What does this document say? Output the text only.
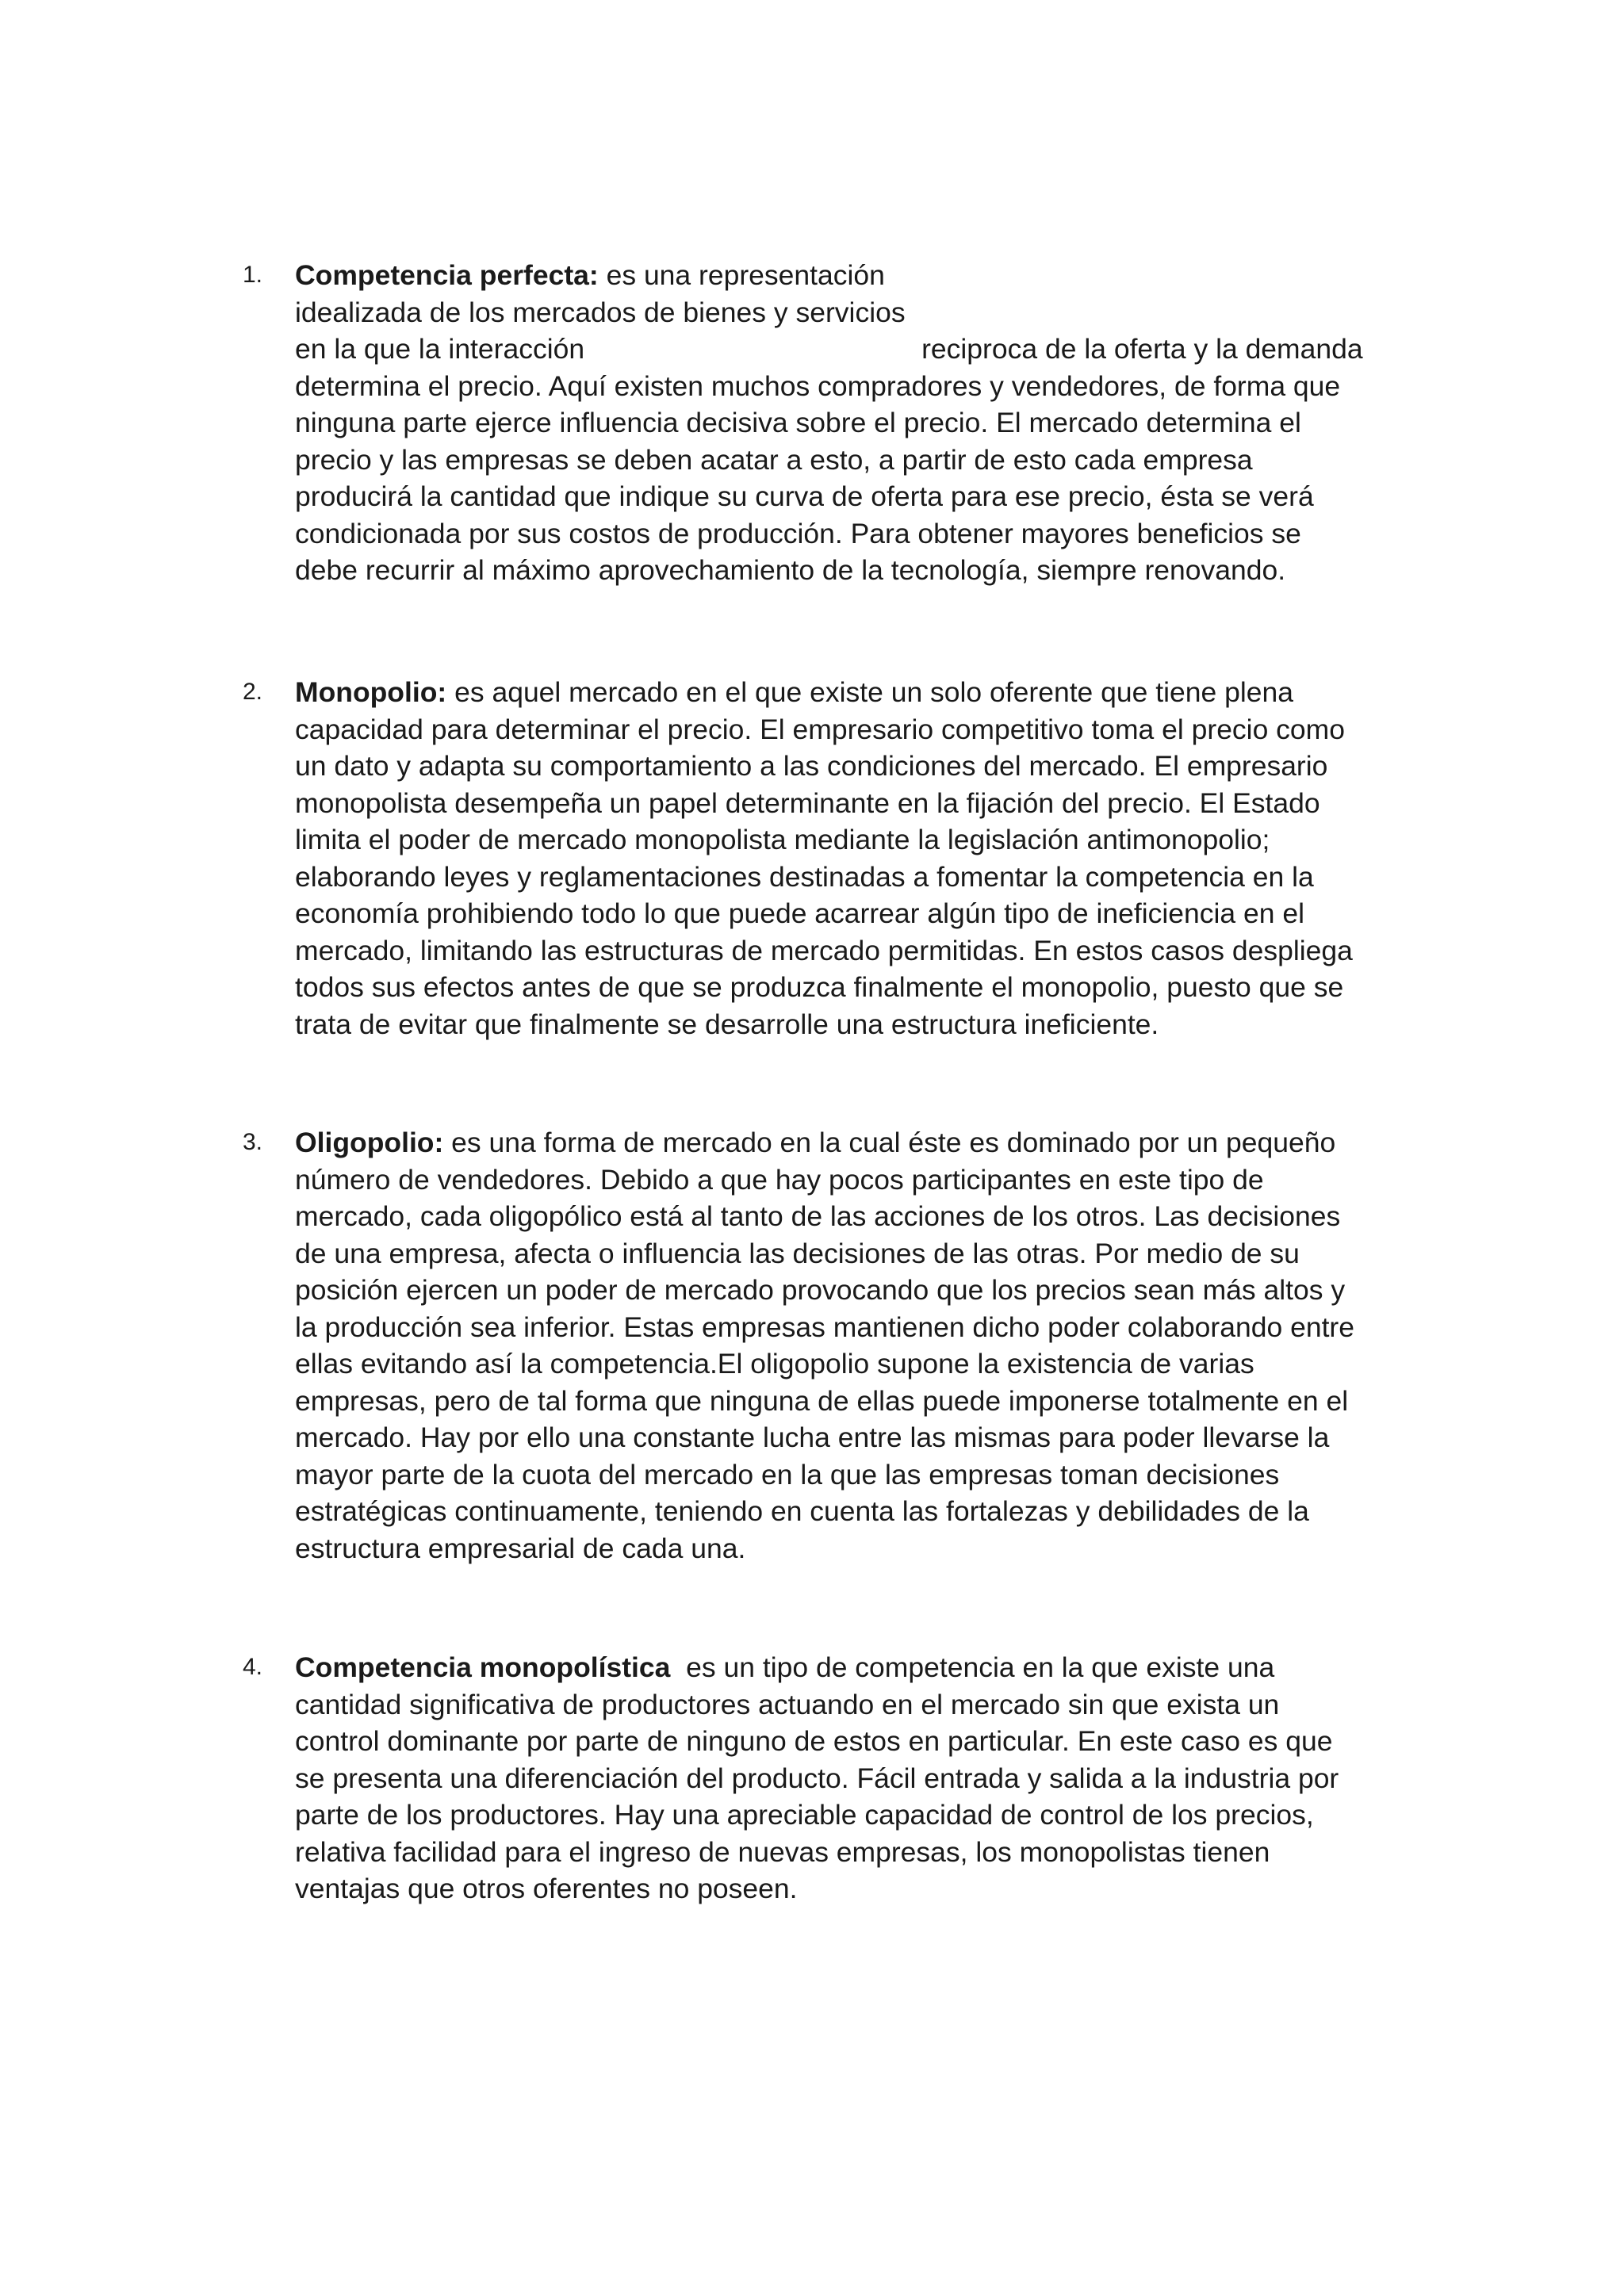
1. Competencia perfecta: es una representación
idealizada de los mercados de bienes y servicios
en la que la interacción	reciproca de la oferta y la demanda
determina el precio. Aquí existen muchos compradores y vendedores, de forma que
ninguna parte ejerce influencia decisiva sobre el precio. El mercado determina el
precio y las empresas se deben acatar a esto, a partir de esto cada empresa
producirá la cantidad que indique su curva de oferta para ese precio, ésta se verá
condicionada por sus costos de producción. Para obtener mayores beneficios se
debe recurrir al máximo aprovechamiento de la tecnología, siempre renovando.
2. Monopolio: es aquel mercado en el que existe un solo oferente que tiene plena
capacidad para determinar el precio. El empresario competitivo toma el precio como
un dato y adapta su comportamiento a las condiciones del mercado. El empresario
monopolista desempeña un papel determinante en la fijación del precio. El Estado
limita el poder de mercado monopolista mediante la legislación antimonopolio;
elaborando leyes y reglamentaciones destinadas a fomentar la competencia en la
economía prohibiendo todo lo que puede acarrear algún tipo de ineficiencia en el
mercado, limitando las estructuras de mercado permitidas. En estos casos despliega
todos sus efectos antes de que se produzca finalmente el monopolio, puesto que se
trata de evitar que finalmente se desarrolle una estructura ineficiente.
3. Oligopolio: es una forma de mercado en la cual éste es dominado por un pequeño
número de vendedores. Debido a que hay pocos participantes en este tipo de
mercado, cada oligopólico está al tanto de las acciones de los otros. Las decisiones
de una empresa, afecta o influencia las decisiones de las otras. Por medio de su
posición ejercen un poder de mercado provocando que los precios sean más altos y
la producción sea inferior. Estas empresas mantienen dicho poder colaborando entre
ellas evitando así la competencia.El oligopolio supone la existencia de varias
empresas, pero de tal forma que ninguna de ellas puede imponerse totalmente en el
mercado. Hay por ello una constante lucha entre las mismas para poder llevarse la
mayor parte de la cuota del mercado en la que las empresas toman decisiones
estratégicas continuamente, teniendo en cuenta las fortalezas y debilidades de la
estructura empresarial de cada una.
4. Competencia monopolística  es un tipo de competencia en la que existe una
cantidad significativa de productores actuando en el mercado sin que exista un
control dominante por parte de ninguno de estos en particular. En este caso es que
se presenta una diferenciación del producto. Fácil entrada y salida a la industria por
parte de los productores. Hay una apreciable capacidad de control de los precios,
relativa facilidad para el ingreso de nuevas empresas, los monopolistas tienen
ventajas que otros oferentes no poseen.
